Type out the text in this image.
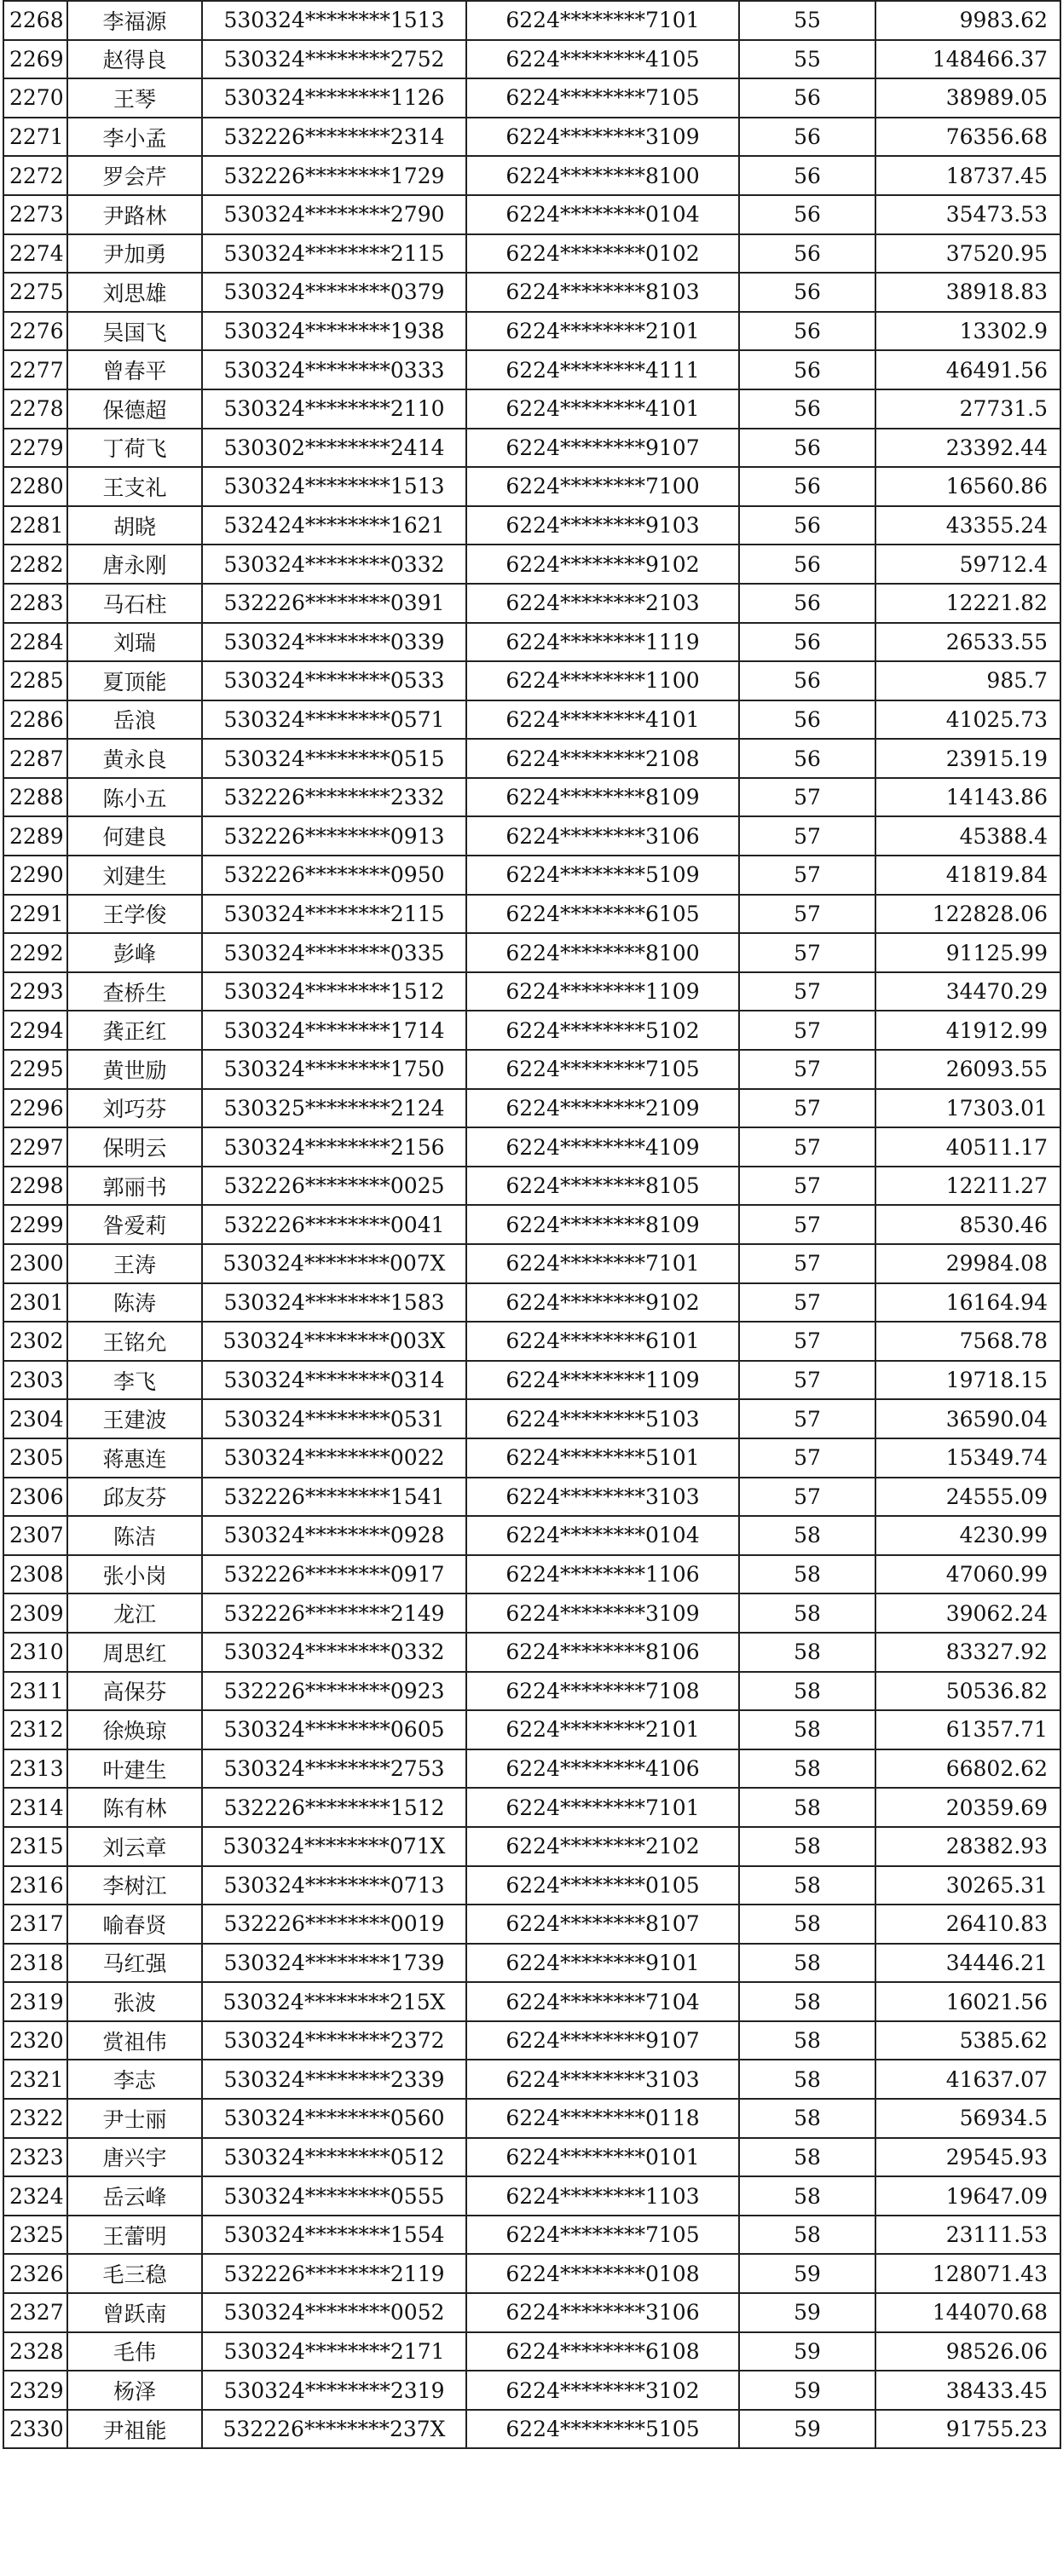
2268	李福源	530324********1513	6224********7101	55	9983.62
2269	赵得良	530324********2752	6224********4105	55	148466.37
2270	王琴	530324********1126	6224********7105	56	38989.05
2271	李小孟	532226********2314	6224********3109	56	76356.68
2272	罗会芹	532226********1729	6224********8100	56	18737.45
2273	尹路林	530324********2790	6224********0104	56	35473.53
2274	尹加勇	530324********2115	6224********0102	56	37520.95
2275	刘思雄	530324********0379	6224********8103	56	38918.83
2276	吴国飞	530324********1938	6224********2101	56	13302.9
2277	曾春平	530324********0333	6224********4111	56	46491.56
2278	保德超	530324********2110	6224********4101	56	27731.5
2279	丁荷飞	530302********2414	6224********9107	56	23392.44
2280	王支礼	530324********1513	6224********7100	56	16560.86
2281	胡晓	532424********1621	6224********9103	56	43355.24
2282	唐永刚	530324********0332	6224********9102	56	59712.4
2283	马石柱	532226********0391	6224********2103	56	12221.82
2284	刘瑞	530324********0339	6224********1119	56	26533.55
2285	夏顶能	530324********0533	6224********1100	56	985.7
2286	岳浪	530324********0571	6224********4101	56	41025.73
2287	黄永良	530324********0515	6224********2108	56	23915.19
2288	陈小五	532226********2332	6224********8109	57	14143.86
2289	何建良	532226********0913	6224********3106	57	45388.4
2290	刘建生	532226********0950	6224********5109	57	41819.84
2291	王学俊	530324********2115	6224********6105	57	122828.06
2292	彭峰	530324********0335	6224********8100	57	91125.99
2293	查桥生	530324********1512	6224********1109	57	34470.29
2294	龚正红	530324********1714	6224********5102	57	41912.99
2295	黄世励	530324********1750	6224********7105	57	26093.55
2296	刘巧芬	530325********2124	6224********2109	57	17303.01
2297	保明云	530324********2156	6224********4109	57	40511.17
2298	郭丽书	532226********0025	6224********8105	57	12211.27
2299	昝爱莉	532226********0041	6224********8109	57	8530.46
2300	王涛	530324********007X	6224********7101	57	29984.08
2301	陈涛	530324********1583	6224********9102	57	16164.94
2302	王铭允	530324********003X	6224********6101	57	7568.78
2303	李飞	530324********0314	6224********1109	57	19718.15
2304	王建波	530324********0531	6224********5103	57	36590.04
2305	蒋惠连	530324********0022	6224********5101	57	15349.74
2306	邱友芬	532226********1541	6224********3103	57	24555.09
2307	陈洁	530324********0928	6224********0104	58	4230.99
2308	张小岗	532226********0917	6224********1106	58	47060.99
2309	龙江	532226********2149	6224********3109	58	39062.24
2310	周思红	530324********0332	6224********8106	58	83327.92
2311	高保芬	532226********0923	6224********7108	58	50536.82
2312	徐焕琼	530324********0605	6224********2101	58	61357.71
2313	叶建生	530324********2753	6224********4106	58	66802.62
2314	陈有林	532226********1512	6224********7101	58	20359.69
2315	刘云章	530324********071X	6224********2102	58	28382.93
2316	李树江	530324********0713	6224********0105	58	30265.31
2317	喻春贤	532226********0019	6224********8107	58	26410.83
2318	马红强	530324********1739	6224********9101	58	34446.21
2319	张波	530324********215X	6224********7104	58	16021.56
2320	赏祖伟	530324********2372	6224********9107	58	5385.62
2321	李志	530324********2339	6224********3103	58	41637.07
2322	尹士丽	530324********0560	6224********0118	58	56934.5
2323	唐兴宇	530324********0512	6224********0101	58	29545.93
2324	岳云峰	530324********0555	6224********1103	58	19647.09
2325	王蕾明	530324********1554	6224********7105	58	23111.53
2326	毛三稳	532226********2119	6224********0108	59	128071.43
2327	曾跃南	530324********0052	6224********3106	59	144070.68
2328	毛伟	530324********2171	6224********6108	59	98526.06
2329	杨泽	530324********2319	6224********3102	59	38433.45
2330	尹祖能	532226********237X	6224********5105	59	91755.23
